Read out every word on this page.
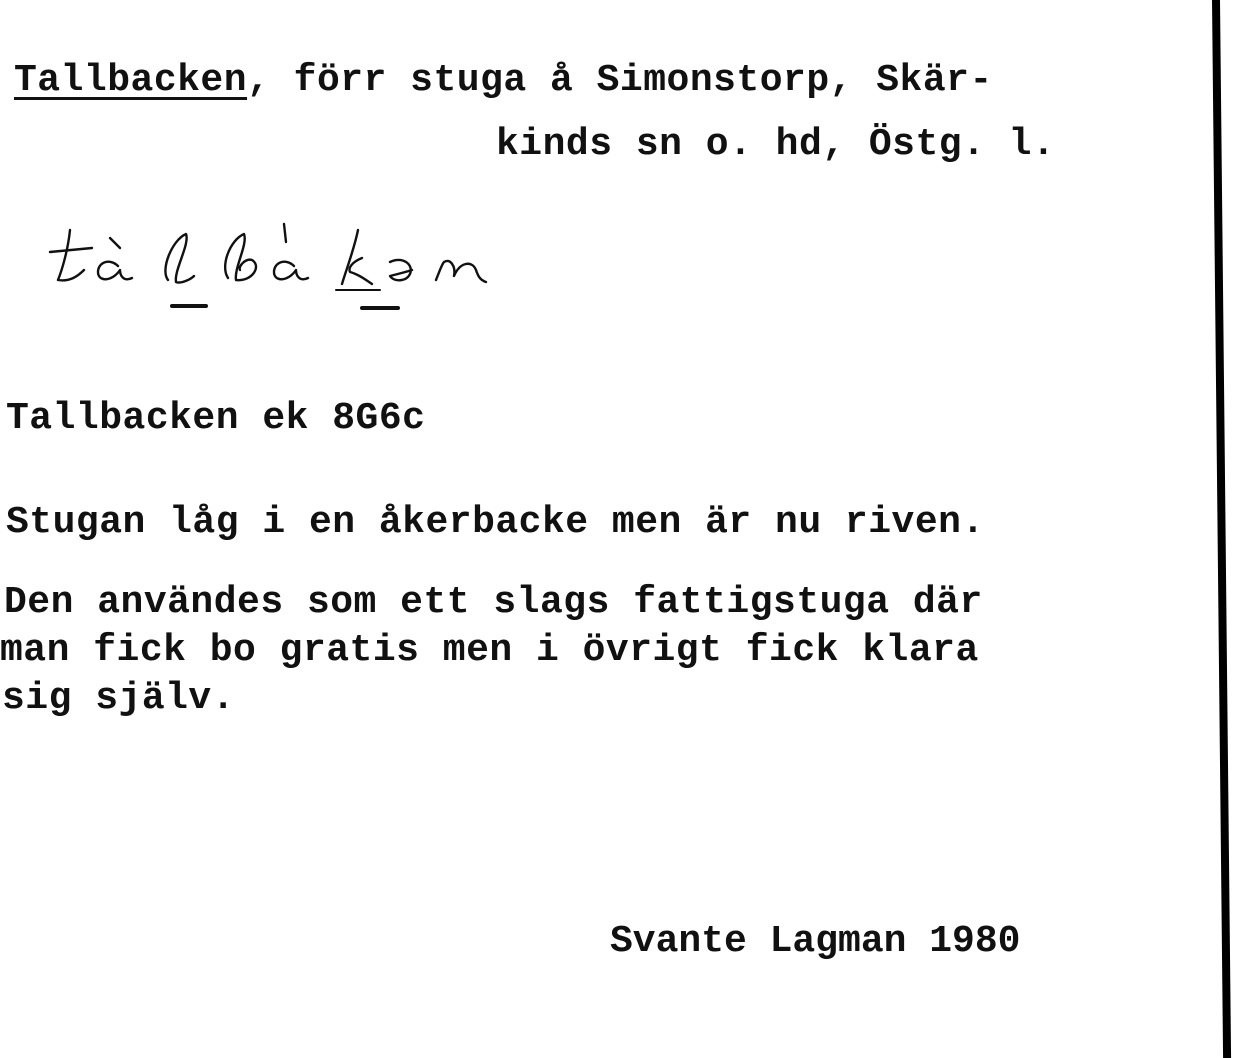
Tallbacken, förr stuga å Simonstorp, Skär-
kinds sn o. hd, Östg. l.
Tallbacken ek 8G6c
Stugan låg i en åkerbacke men är nu riven.
Den användes som ett slags fattigstuga där
man fick bo gratis men i övrigt fick klara
sig själv.
Svante Lagman 1980
